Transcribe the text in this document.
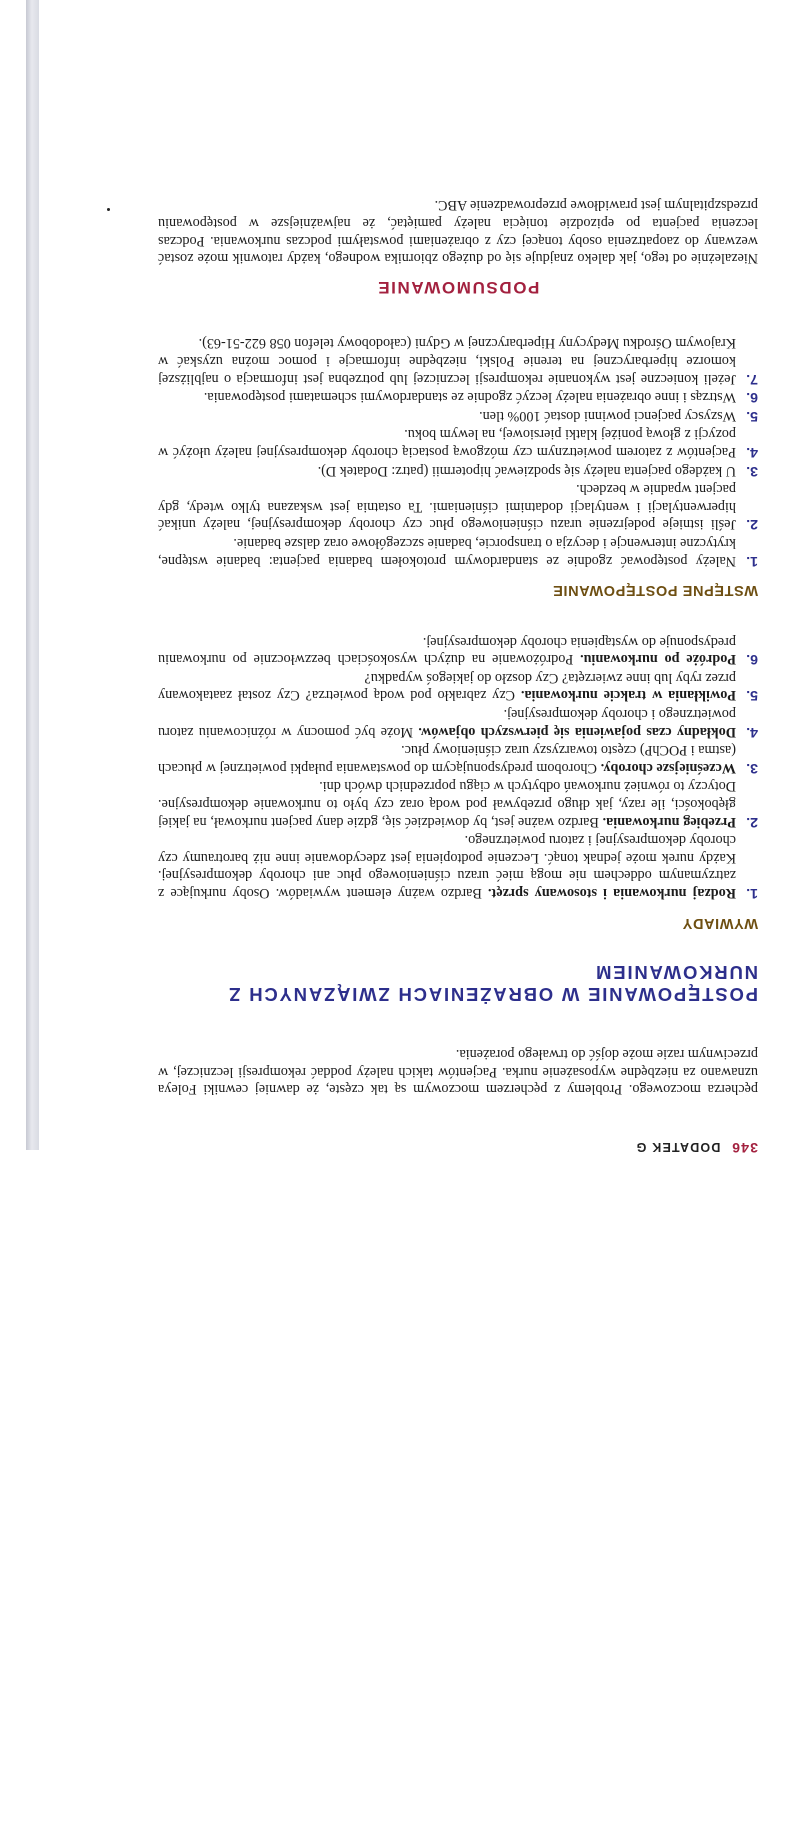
346 DODATEK G

pęcherza moczowego. Problemy z pęcherzem moczowym są tak częste, że dawniej cewniki Foleya uznawano za niezbędne wyposażenie nurka. Pacjentów takich należy poddać rekompresji leczniczej, w przeciwnym razie może dojść do trwałego porażenia.

POSTĘPOWANIE W OBRAŻENIACH ZWIĄZANYCH Z NURKOWANIEM
WYWIADY
1.
Rodzaj nurkowania i stosowany sprzęt. Bardzo ważny element wywiadów. Osoby nurkujące z zatrzymanym oddechem nie mogą mieć urazu ciśnieniowego płuc ani choroby dekompresyjnej. Każdy nurek może jednak tonąć. Leczenie podtopienia jest zdecydowanie inne niż barotraumy czy choroby dekompresyjnej i zatoru powietrznego.
2.
Przebieg nurkowania. Bardzo ważne jest, by dowiedzieć się, gdzie dany pacjent nurkował, na jakiej głębokości, ile razy, jak długo przebywał pod wodą oraz czy było to nurkowanie dekompresyjne. Dotyczy to również nurkowań odbytych w ciągu poprzednich dwóch dni.
3.
Wcześniejsze choroby. Chorobom predysponującym do powstawania pułapki powietrznej w płucach (astma i POChP) często towarzyszy uraz ciśnieniowy płuc.
4.
Dokładny czas pojawienia się pierwszych objawów. Może być pomocny w różnicowaniu zatoru powietrznego i choroby dekompresyjnej.
5.
Powikłania w trakcie nurkowania. Czy zabrakło pod wodą powietrza? Czy został zaatakowany przez ryby lub inne zwierzęta? Czy doszło do jakiegoś wypadku?
6.
Podróże po nurkowaniu. Podróżowanie na dużych wysokościach bezzwłocznie po nurkowaniu predysponuje do wystąpienia choroby dekompresyjnej.
WSTĘPNE POSTĘPOWANIE
1.
Należy postępować zgodnie ze standardowym protokołem badania pacjenta: badanie wstępne, krytyczne interwencje i decyzja o transporcie, badanie szczegółowe oraz dalsze badanie.
2.
Jeśli istnieje podejrzenie urazu ciśnieniowego płuc czy choroby dekompresyjnej, należy unikać hiperwentylacji i wentylacji dodatnimi ciśnieniami. Ta ostatnia jest wskazana tylko wtedy, gdy pacjent wpadnie w bezdech.
3.
U każdego pacjenta należy się spodziewać hipotermii (patrz: Dodatek D).
4.
Pacjentów z zatorem powietrznym czy mózgową postacią choroby dekompresyjnej należy ułożyć w pozycji z głową poniżej klatki piersiowej, na lewym boku.
5.
Wszyscy pacjenci powinni dostać 100% tlen.
6.
Wstrząs i inne obrażenia należy leczyć zgodnie ze standardowymi schematami postępowania.
7.
Jeżeli konieczne jest wykonanie rekompresji leczniczej lub potrzebna jest informacja o najbliższej komorze hiperbarycznej na terenie Polski, niezbędne informacje i pomoc można uzyskać w Krajowym Ośrodku Medycyny Hiperbarycznej w Gdyni (całodobowy telefon 058 622-51-63).
PODSUMOWANIE

Niezależnie od tego, jak daleko znajduje się od dużego zbiornika wodnego, każdy ratownik może zostać wezwany do zaopatrzenia osoby tonącej czy z obrażeniami powstałymi podczas nurkowania. Podczas leczenia pacjenta po epizodzie tonięcia należy pamiętać, że najważniejsze w postępowaniu przedszpitalnym jest prawidłowe przeprowadzenie ABC.
